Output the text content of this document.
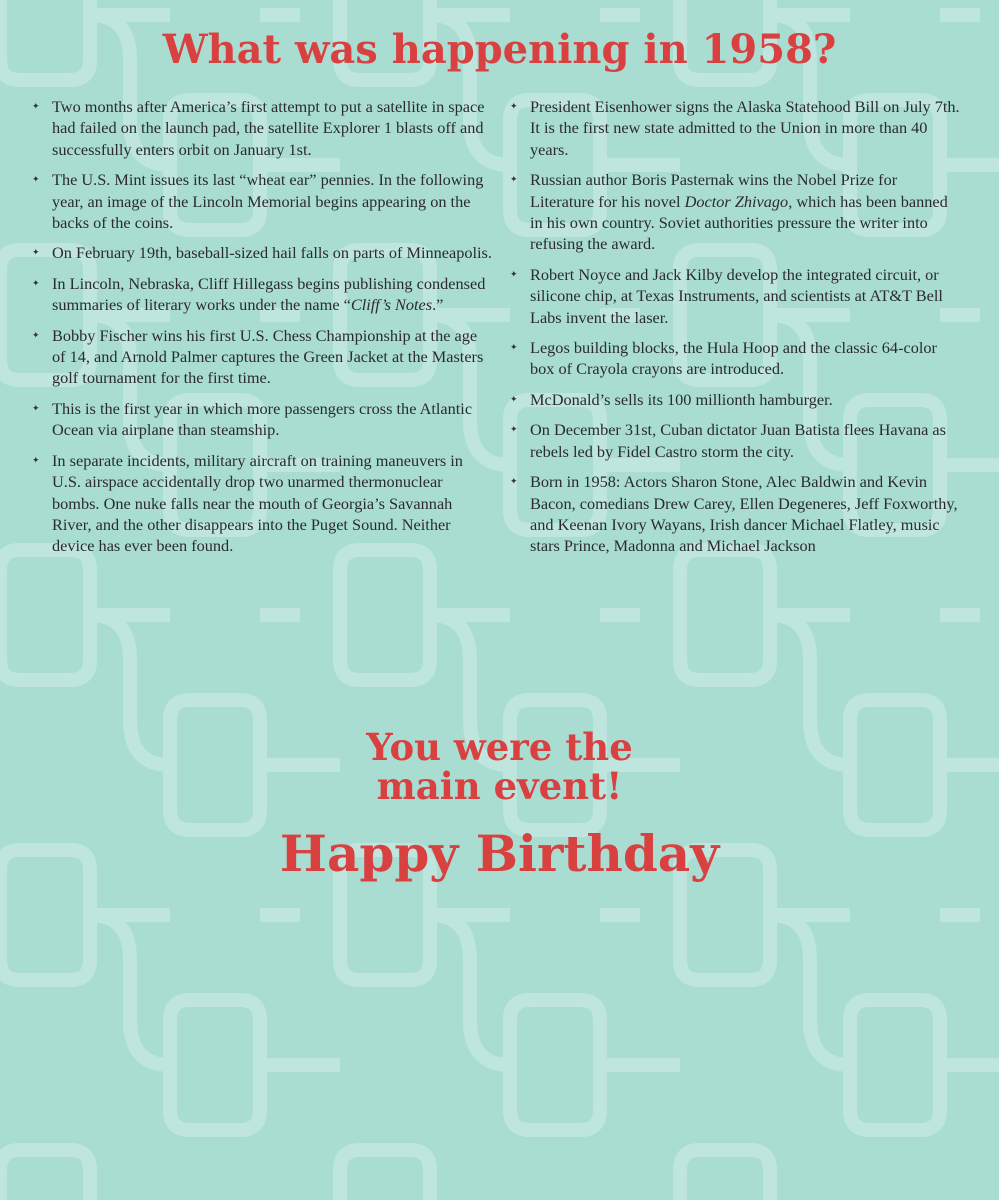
What was happening in 1958?
✦ Two months after America’s first attempt to put a satellite in space had failed on the launch pad, the satellite Explorer 1 blasts off and successfully enters orbit on January 1st.
✦ The U.S. Mint issues its last “wheat ear” pennies. In the following year, an image of the Lincoln Memorial begins appearing on the backs of the coins.
✦ On February 19th, baseball-sized hail falls on parts of Minneapolis.
✦ In Lincoln, Nebraska, Cliff Hillegass begins publishing condensed summaries of literary works under the name “Cliff’s Notes.”
✦ Bobby Fischer wins his first U.S. Chess Championship at the age of 14, and Arnold Palmer captures the Green Jacket at the Masters golf tournament for the first time.
✦ This is the first year in which more passengers cross the Atlantic Ocean via airplane than steamship.
✦ In separate incidents, military aircraft on training maneuvers in U.S. airspace accidentally drop two unarmed thermonuclear bombs. One nuke falls near the mouth of Georgia’s Savannah River, and the other disappears into the Puget Sound. Neither device has ever been found.
✦ President Eisenhower signs the Alaska Statehood Bill on July 7th. It is the first new state admitted to the Union in more than 40 years.
✦ Russian author Boris Pasternak wins the Nobel Prize for Literature for his novel Doctor Zhivago, which has been banned in his own country. Soviet authorities pressure the writer into refusing the award.
✦ Robert Noyce and Jack Kilby develop the integrated circuit, or silicone chip, at Texas Instruments, and scientists at AT&T Bell Labs invent the laser.
✦ Legos building blocks, the Hula Hoop and the classic 64-color box of Crayola crayons are introduced.
✦ McDonald’s sells its 100 millionth hamburger.
✦ On December 31st, Cuban dictator Juan Batista flees Havana as rebels led by Fidel Castro storm the city.
✦ Born in 1958: Actors Sharon Stone, Alec Baldwin and Kevin Bacon, comedians Drew Carey, Ellen Degeneres, Jeff Foxworthy, and Keenan Ivory Wayans, Irish dancer Michael Flatley, music stars Prince, Madonna and Michael Jackson
You were the
main event!
Happy Birthday
